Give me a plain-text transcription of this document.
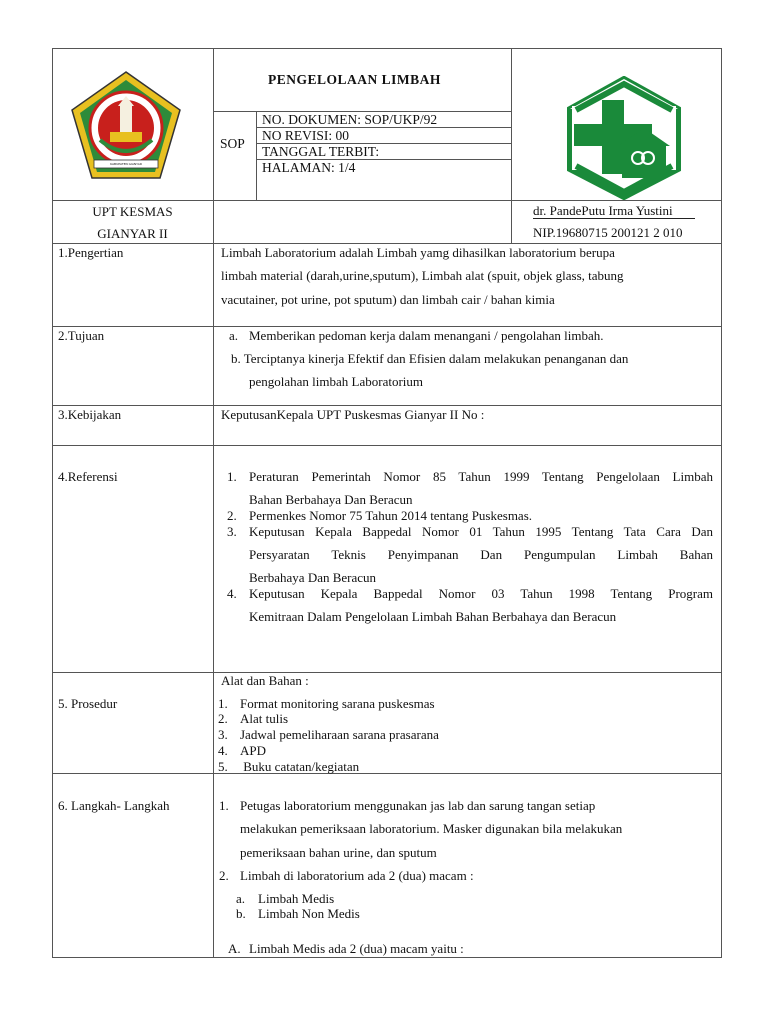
KABUPATEN GIANYAR
PENGELOLAAN LIMBAH
SOP
NO. DOKUMEN: SOP/UKP/92
NO REVISI: 00
TANGGAL TERBIT:
HALAMAN: 1/4
UPT KESMAS
GIANYAR II
dr. PandePutu Irma Yustini
NIP.19680715 200121 2 010
1.Pengertian	Limbah Laboratorium adalah Limbah yamg dihasilkan laboratorium berupa
limbah material (darah,urine,sputum), Limbah alat (spuit, objek glass, tabung
vacutainer, pot urine, pot sputum) dan limbah cair / bahan kimia
2.Tujuan	a. Memberikan pedoman kerja dalam menangani / pengolahan limbah.
b. Terciptanya kinerja Efektif dan Efisien dalam melakukan penanganan dan
pengolahan limbah Laboratorium
3.Kebijakan	KeputusanKepala UPT Puskesmas Gianyar II No :
4.Referensi	1. Peraturan Pemerintah Nomor 85 Tahun 1999 Tentang Pengelolaan Limbah
Bahan Berbahaya Dan Beracun
2. Permenkes Nomor 75 Tahun 2014 tentang Puskesmas.
3. Keputusan Kepala Bappedal Nomor 01 Tahun 1995 Tentang Tata Cara Dan
Persyaratan Teknis Penyimpanan Dan Pengumpulan Limbah Bahan
Berbahaya Dan Beracun
4. Keputusan Kepala Bappedal Nomor 03 Tahun 1998 Tentang Program
Kemitraan Dalam Pengelolaan Limbah Bahan Berbahaya dan Beracun
Alat dan Bahan :
5. Prosedur	1. Format monitoring sarana puskesmas
2. Alat tulis
3. Jadwal pemeliharaan sarana prasarana
4. APD
5. Buku catatan/kegiatan
6. Langkah- Langkah	1. Petugas laboratorium menggunakan jas lab dan sarung tangan setiap
melakukan pemeriksaan laboratorium. Masker digunakan bila melakukan
pemeriksaan bahan urine, dan sputum
2. Limbah di laboratorium ada 2 (dua) macam :
a. Limbah Medis
b. Limbah Non Medis
A. Limbah Medis ada 2 (dua) macam yaitu :
